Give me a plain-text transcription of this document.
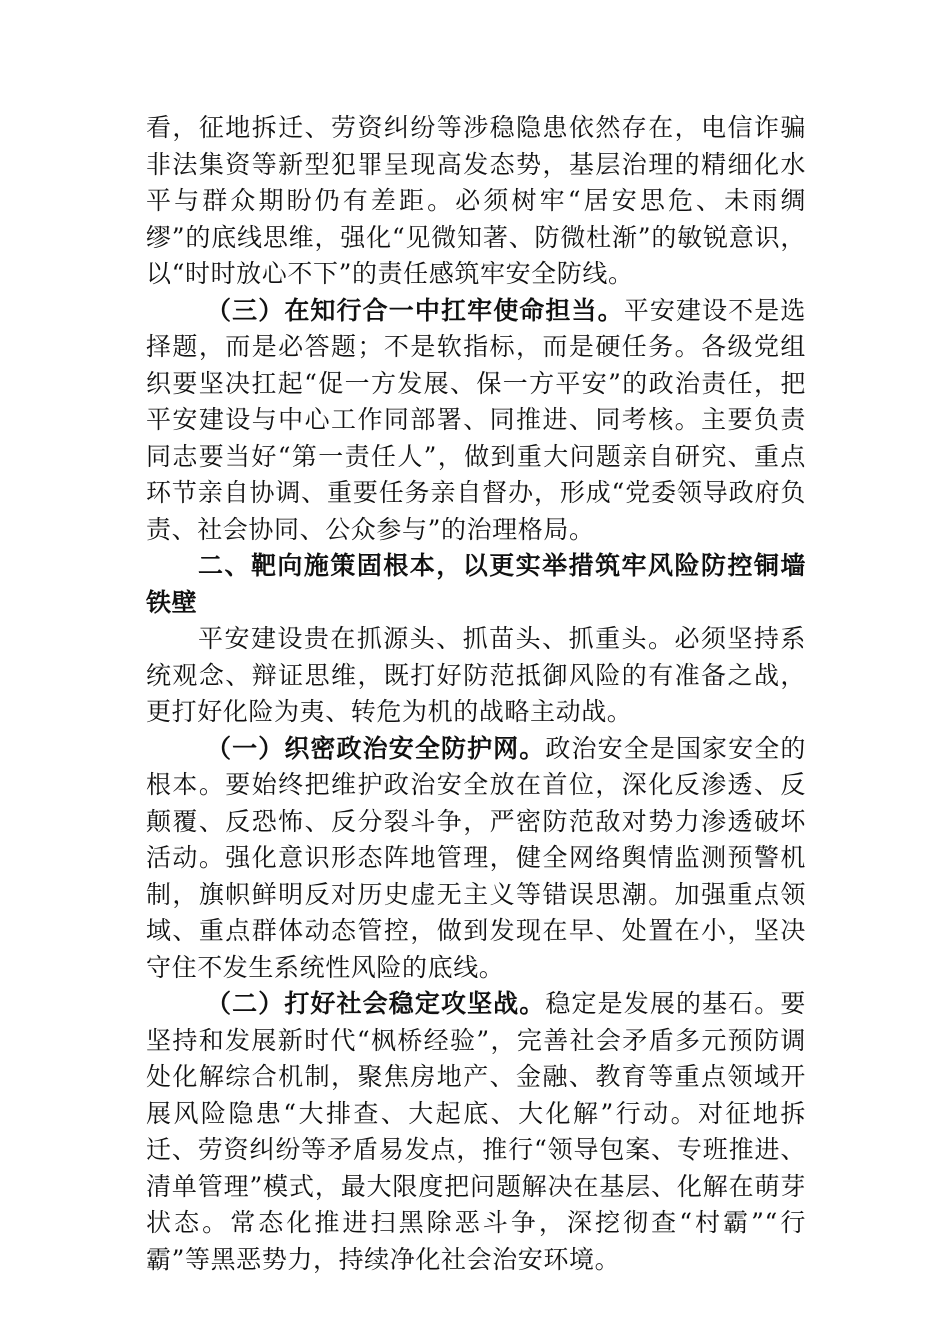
看，征地拆迁、劳资纠纷等涉稳隐患依然存在，电信诈骗非法集资等新型犯罪呈现高发态势，基层治理的精细化水平与群众期盼仍有差距。必须树牢“居安思危、未雨绸缪”的底线思维，强化“见微知著、防微杜渐”的敏锐意识，以“时时放心不下”的责任感筑牢安全防线。

（三）在知行合一中扛牢使命担当。平安建设不是选择题，而是必答题；不是软指标，而是硬任务。各级党组织要坚决扛起“促一方发展、保一方平安”的政治责任，把平安建设与中心工作同部署、同推进、同考核。主要负责同志要当好“第一责任人”，做到重大问题亲自研究、重点环节亲自协调、重要任务亲自督办，形成“党委领导政府负责、社会协同、公众参与”的治理格局。

二、靶向施策固根本，以更实举措筑牢风险防控铜墙铁壁

平安建设贵在抓源头、抓苗头、抓重头。必须坚持系统观念、辩证思维，既打好防范抵御风险的有准备之战，更打好化险为夷、转危为机的战略主动战。

（一）织密政治安全防护网。政治安全是国家安全的根本。要始终把维护政治安全放在首位，深化反渗透、反颠覆、反恐怖、反分裂斗争，严密防范敌对势力渗透破坏活动。强化意识形态阵地管理，健全网络舆情监测预警机制，旗帜鲜明反对历史虚无主义等错误思潮。加强重点领域、重点群体动态管控，做到发现在早、处置在小，坚决守住不发生系统性风险的底线。

（二）打好社会稳定攻坚战。稳定是发展的基石。要坚持和发展新时代“枫桥经验”，完善社会矛盾多元预防调处化解综合机制，聚焦房地产、金融、教育等重点领域开展风险隐患“大排查、大起底、大化解”行动。对征地拆迁、劳资纠纷等矛盾易发点，推行“领导包案、专班推进、清单管理”模式，最大限度把问题解决在基层、化解在萌芽状态。常态化推进扫黑除恶斗争，深挖彻查“村霸”“行霸”等黑恶势力，持续净化社会治安环境。
